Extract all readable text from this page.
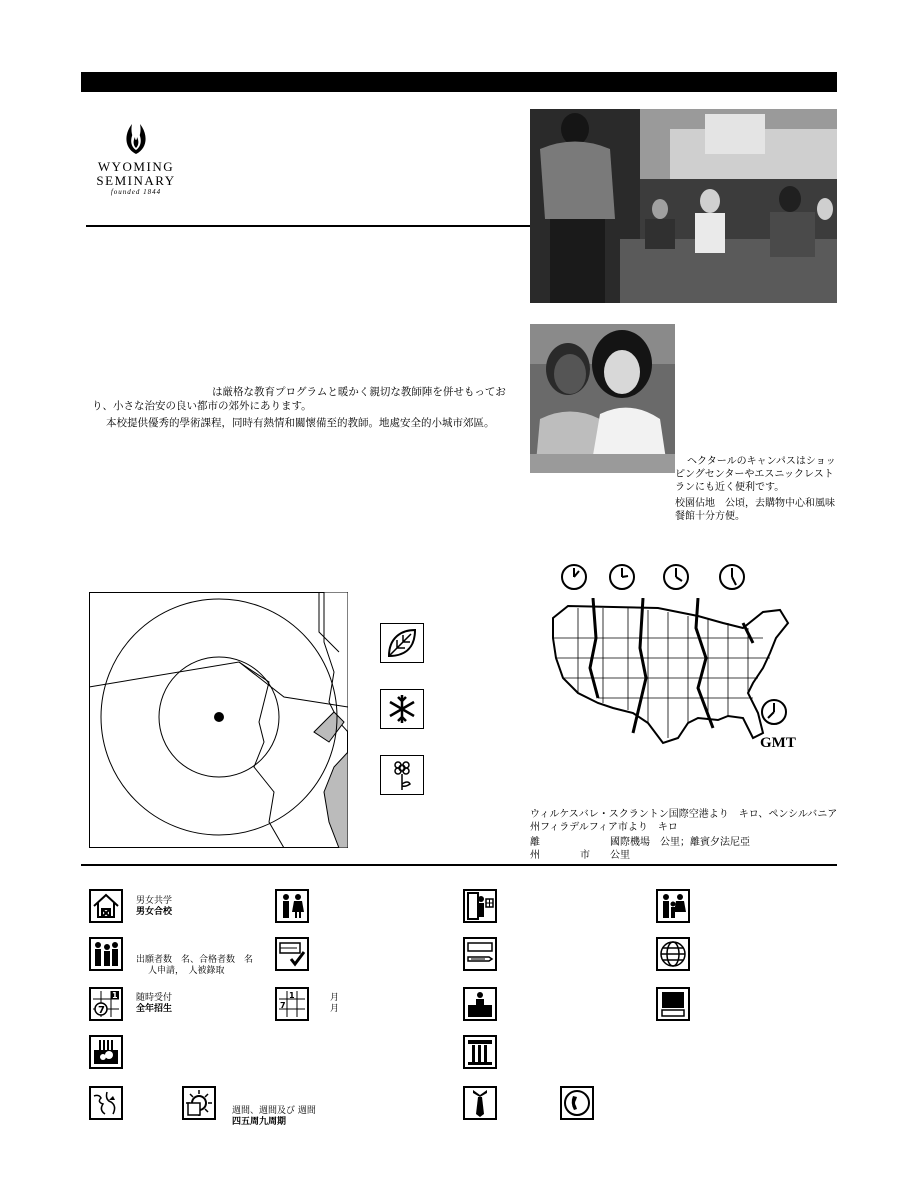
WYOMING
SEMINARY
founded 1844
は厳格な教育プログラムと暖かく親切な教師陣を併せもっており、小さな治安の良い都市の郊外にあります。
本校提供優秀的學術課程，同時有熱情和關懷備至的教師。地處安全的小城市郊區。
ヘクタールのキャンパスはショッピングセンターやエスニックレストランにも近く便利です。
校園佔地　公頃，去購物中心和風味餐館十分方便。
GMT
ウィルケスバレ・スクラントン国際空港より　キロ、ペンシルバニア州フィラデルフィア市より　キロ
離　　　　　　　國際機場　公里；離賓夕法尼亞
州　　　　市　　公里
男女共学
男女合校
出願者数　名、合格者数　名
人申請，　人被錄取
1
7
随時受付
全年招生
1
7
月
月
週間、週間及び 週間
四五周九周期
